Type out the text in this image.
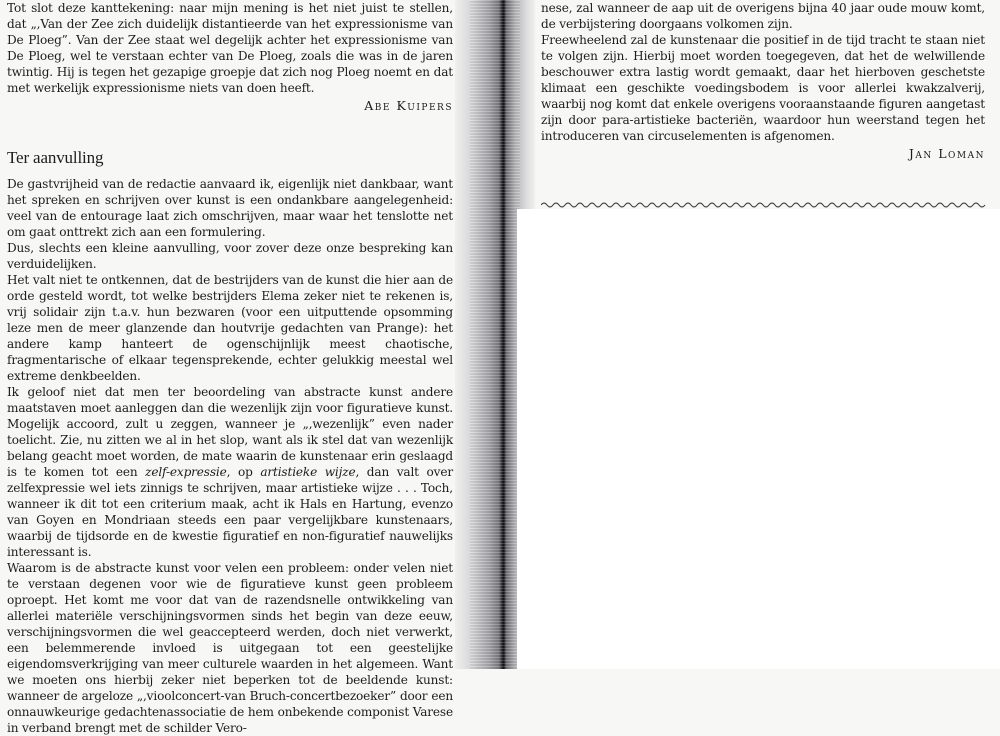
Tot slot deze kanttekening: naar mijn mening is het niet juist te stellen, dat „,Van der Zee zich duidelijk distantieerde van het expressionisme van De Ploeg”. Van der Zee staat wel degelijk achter het expressionisme van De Ploeg, wel te verstaan echter van De Ploeg, zoals die was in de jaren twintig. Hij is tegen het gezapige groepje dat zich nog Ploeg noemt en dat met werkelijk expressionisme niets van doen heeft.

Abe Kuipers

Ter aanvulling

De gastvrijheid van de redactie aanvaard ik, eigenlijk niet dankbaar, want het spreken en schrijven over kunst is een ondankbare aangelegenheid: veel van de entourage laat zich omschrijven, maar waar het tenslotte net om gaat onttrekt zich aan een formulering.

Dus, slechts een kleine aanvulling, voor zover deze onze bespreking kan verduidelijken.

Het valt niet te ontkennen, dat de bestrijders van de kunst die hier aan de orde gesteld wordt, tot welke bestrijders Elema zeker niet te rekenen is, vrij solidair zijn t.a.v. hun bezwaren (voor een uitputtende opsomming leze men de meer glanzende dan houtvrije gedachten van Prange): het andere kamp hanteert de ogenschijnlijk meest chaotische, fragmentarische of elkaar tegensprekende, echter gelukkig meestal wel extreme denkbeelden.

Ik geloof niet dat men ter beoordeling van abstracte kunst andere maatstaven moet aanleggen dan die wezenlijk zijn voor figuratieve kunst. Mogelijk accoord, zult u zeggen, wanneer je „,wezenlijk” even nader toelicht. Zie, nu zitten we al in het slop, want als ik stel dat van wezenlijk belang geacht moet worden, de mate waarin de kunstenaar erin geslaagd is te komen tot een zelf-expressie, op artistieke wijze, dan valt over zelfexpressie wel iets zinnigs te schrijven, maar artistieke wijze . . . Toch, wanneer ik dit tot een criterium maak, acht ik Hals en Hartung, evenzo van Goyen en Mondriaan steeds een paar vergelijkbare kunstenaars, waarbij de tijdsorde en de kwestie figuratief en non-figuratief nauwelijks interessant is.

Waarom is de abstracte kunst voor velen een probleem: onder velen niet te verstaan degenen voor wie de figuratieve kunst geen probleem oproept. Het komt me voor dat van de razendsnelle ontwikkeling van allerlei materiële verschijningsvormen sinds het begin van deze eeuw, verschijningsvormen die wel geaccepteerd werden, doch niet verwerkt, een belemmerende invloed is uitgegaan tot een geestelijke eigendomsverkrijging van meer culturele waarden in het algemeen. Want we moeten ons hierbij zeker niet beperken tot de beeldende kunst: wanneer de argeloze „,vioolconcert-van Bruch-concertbezoeker” door een onnauwkeurige gedachtenassociatie de hem onbekende componist Varese in verband brengt met de schilder Vero-

nese, zal wanneer de aap uit de overigens bijna 40 jaar oude mouw komt, de verbijstering doorgaans volkomen zijn.

Freewheelend zal de kunstenaar die positief in de tijd tracht te staan niet te volgen zijn. Hierbij moet worden toegegeven, dat het de welwillende beschouwer extra lastig wordt gemaakt, daar het hierboven geschetste klimaat een geschikte voedingsbodem is voor allerlei kwakzalverij, waarbij nog komt dat enkele overigens vooraanstaande figuren aangetast zijn door para-artistieke bacteriën, waardoor hun weerstand tegen het introduceren van circuselementen is afgenomen.

Jan Loman
